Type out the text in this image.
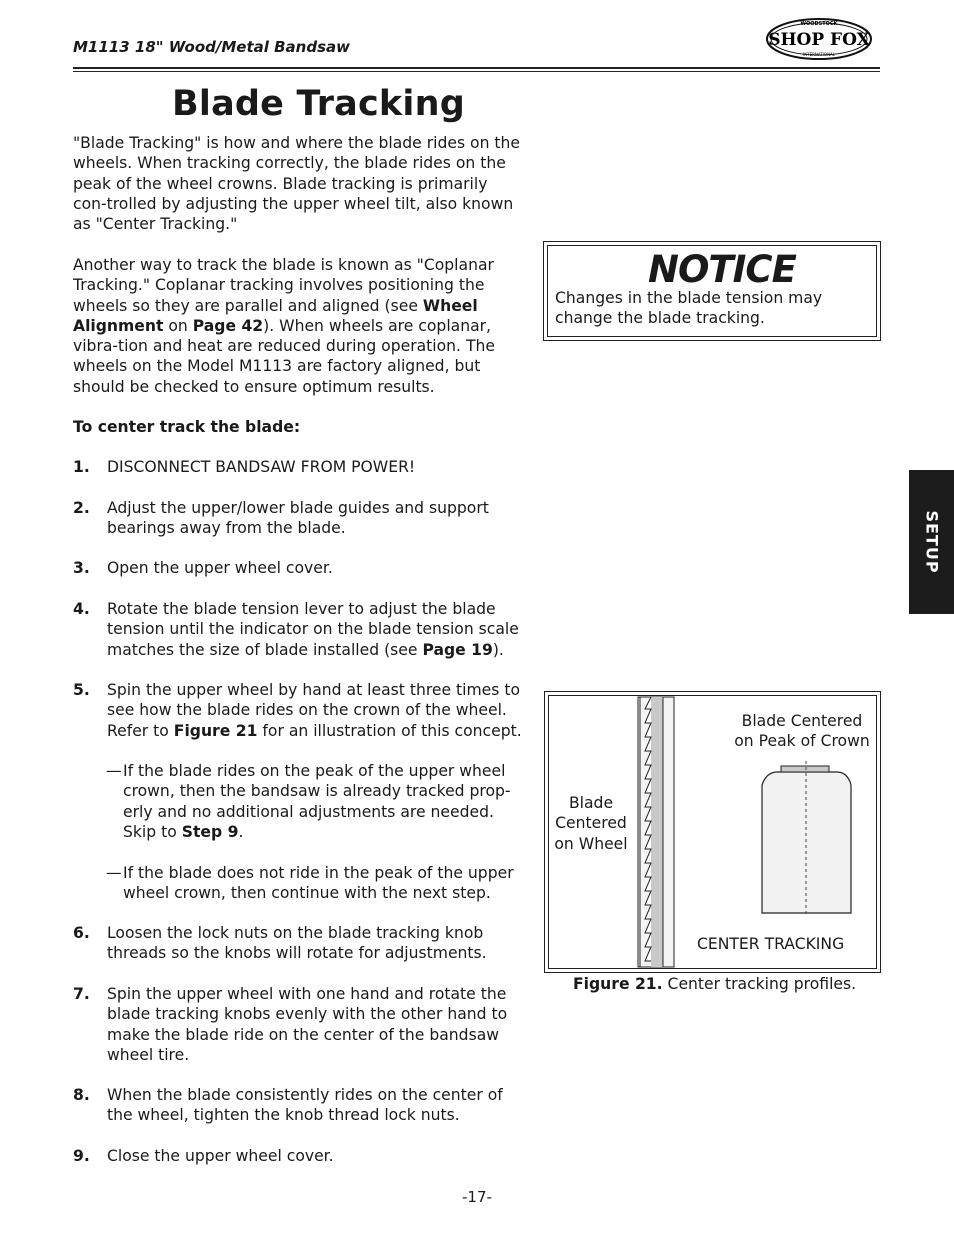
M1113 18" Wood/Metal Bandsaw
WOODSTOCK
SHOP FOX
INTERNATIONAL
Blade Tracking

"Blade Tracking" is how and where the blade rides on the wheels. When tracking correctly, the blade rides on the peak of the wheel crowns. Blade tracking is primarily con-trolled by adjusting the upper wheel tilt, also known as "Center Tracking."

Another way to track the blade is known as "Coplanar Tracking." Coplanar tracking involves positioning the wheels so they are parallel and aligned (see Wheel Alignment on Page 42). When wheels are coplanar, vibra-tion and heat are reduced during operation. The wheels on the Model M1113 are factory aligned, but should be checked to ensure optimum results.

To center track the blade:
1. DISCONNECT BANDSAW FROM POWER!
2. Adjust the upper/lower blade guides and support bearings away from the blade.
3. Open the upper wheel cover.
4. Rotate the blade tension lever to adjust the blade tension until the indicator on the blade tension scale matches the size of blade installed (see Page 19).
5. Spin the upper wheel by hand at least three times to see how the blade rides on the crown of the wheel. Refer to Figure 21 for an illustration of this concept.
— If the blade rides on the peak of the upper wheel crown, then the bandsaw is already tracked prop-erly and no additional adjustments are needed. Skip to Step 9.
— If the blade does not ride in the peak of the upper wheel crown, then continue with the next step.
6. Loosen the lock nuts on the blade tracking knob threads so the knobs will rotate for adjustments.
7. Spin the upper wheel with one hand and rotate the blade tracking knobs evenly with the other hand to make the blade ride on the center of the bandsaw wheel tire.
8. When the blade consistently rides on the center of the wheel, tighten the knob thread lock nuts.
9. Close the upper wheel cover.
NOTICE
Changes in the blade tension may change the blade tracking.
Blade
Centered
on Wheel
Blade Centered
on Peak of Crown
CENTER TRACKING
Figure 21. Center tracking profiles.
SETUP
-17-
